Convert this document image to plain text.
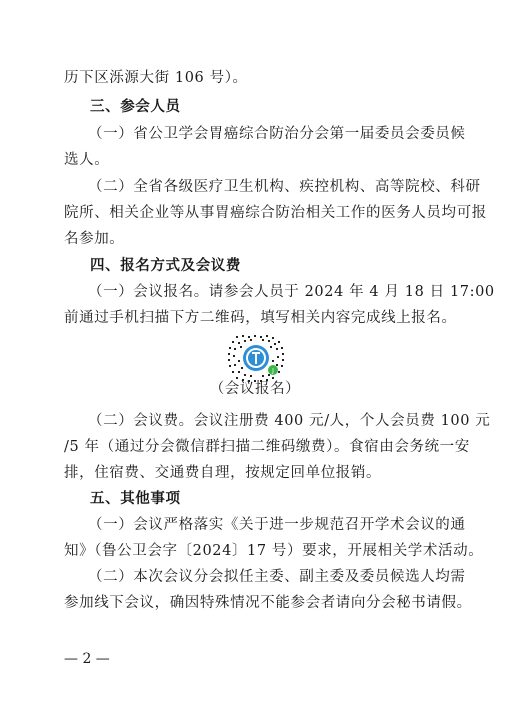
历下区泺源大街 106 号）。
三、参会人员
（一）省公卫学会胃癌综合防治分会第一届委员会委员候
选人。
（二）全省各级医疗卫生机构、疾控机构、高等院校、科研
院所、相关企业等从事胃癌综合防治相关工作的医务人员均可报
名参加。
四、报名方式及会议费
（一）会议报名。请参会人员于 2024 年 4 月 18 日 17:00
前通过手机扫描下方二维码，填写相关内容完成线上报名。
J
（会议报名）
（二）会议费。会议注册费 400 元/人，个人会员费 100 元
/5 年（通过分会微信群扫描二维码缴费）。食宿由会务统一安
排，住宿费、交通费自理，按规定回单位报销。
五、其他事项
（一）会议严格落实《关于进一步规范召开学术会议的通
知》（鲁公卫会字〔2024〕17 号）要求，开展相关学术活动。
（二）本次会议分会拟任主委、副主委及委员候选人均需
参加线下会议，确因特殊情况不能参会者请向分会秘书请假。
— 2 —
